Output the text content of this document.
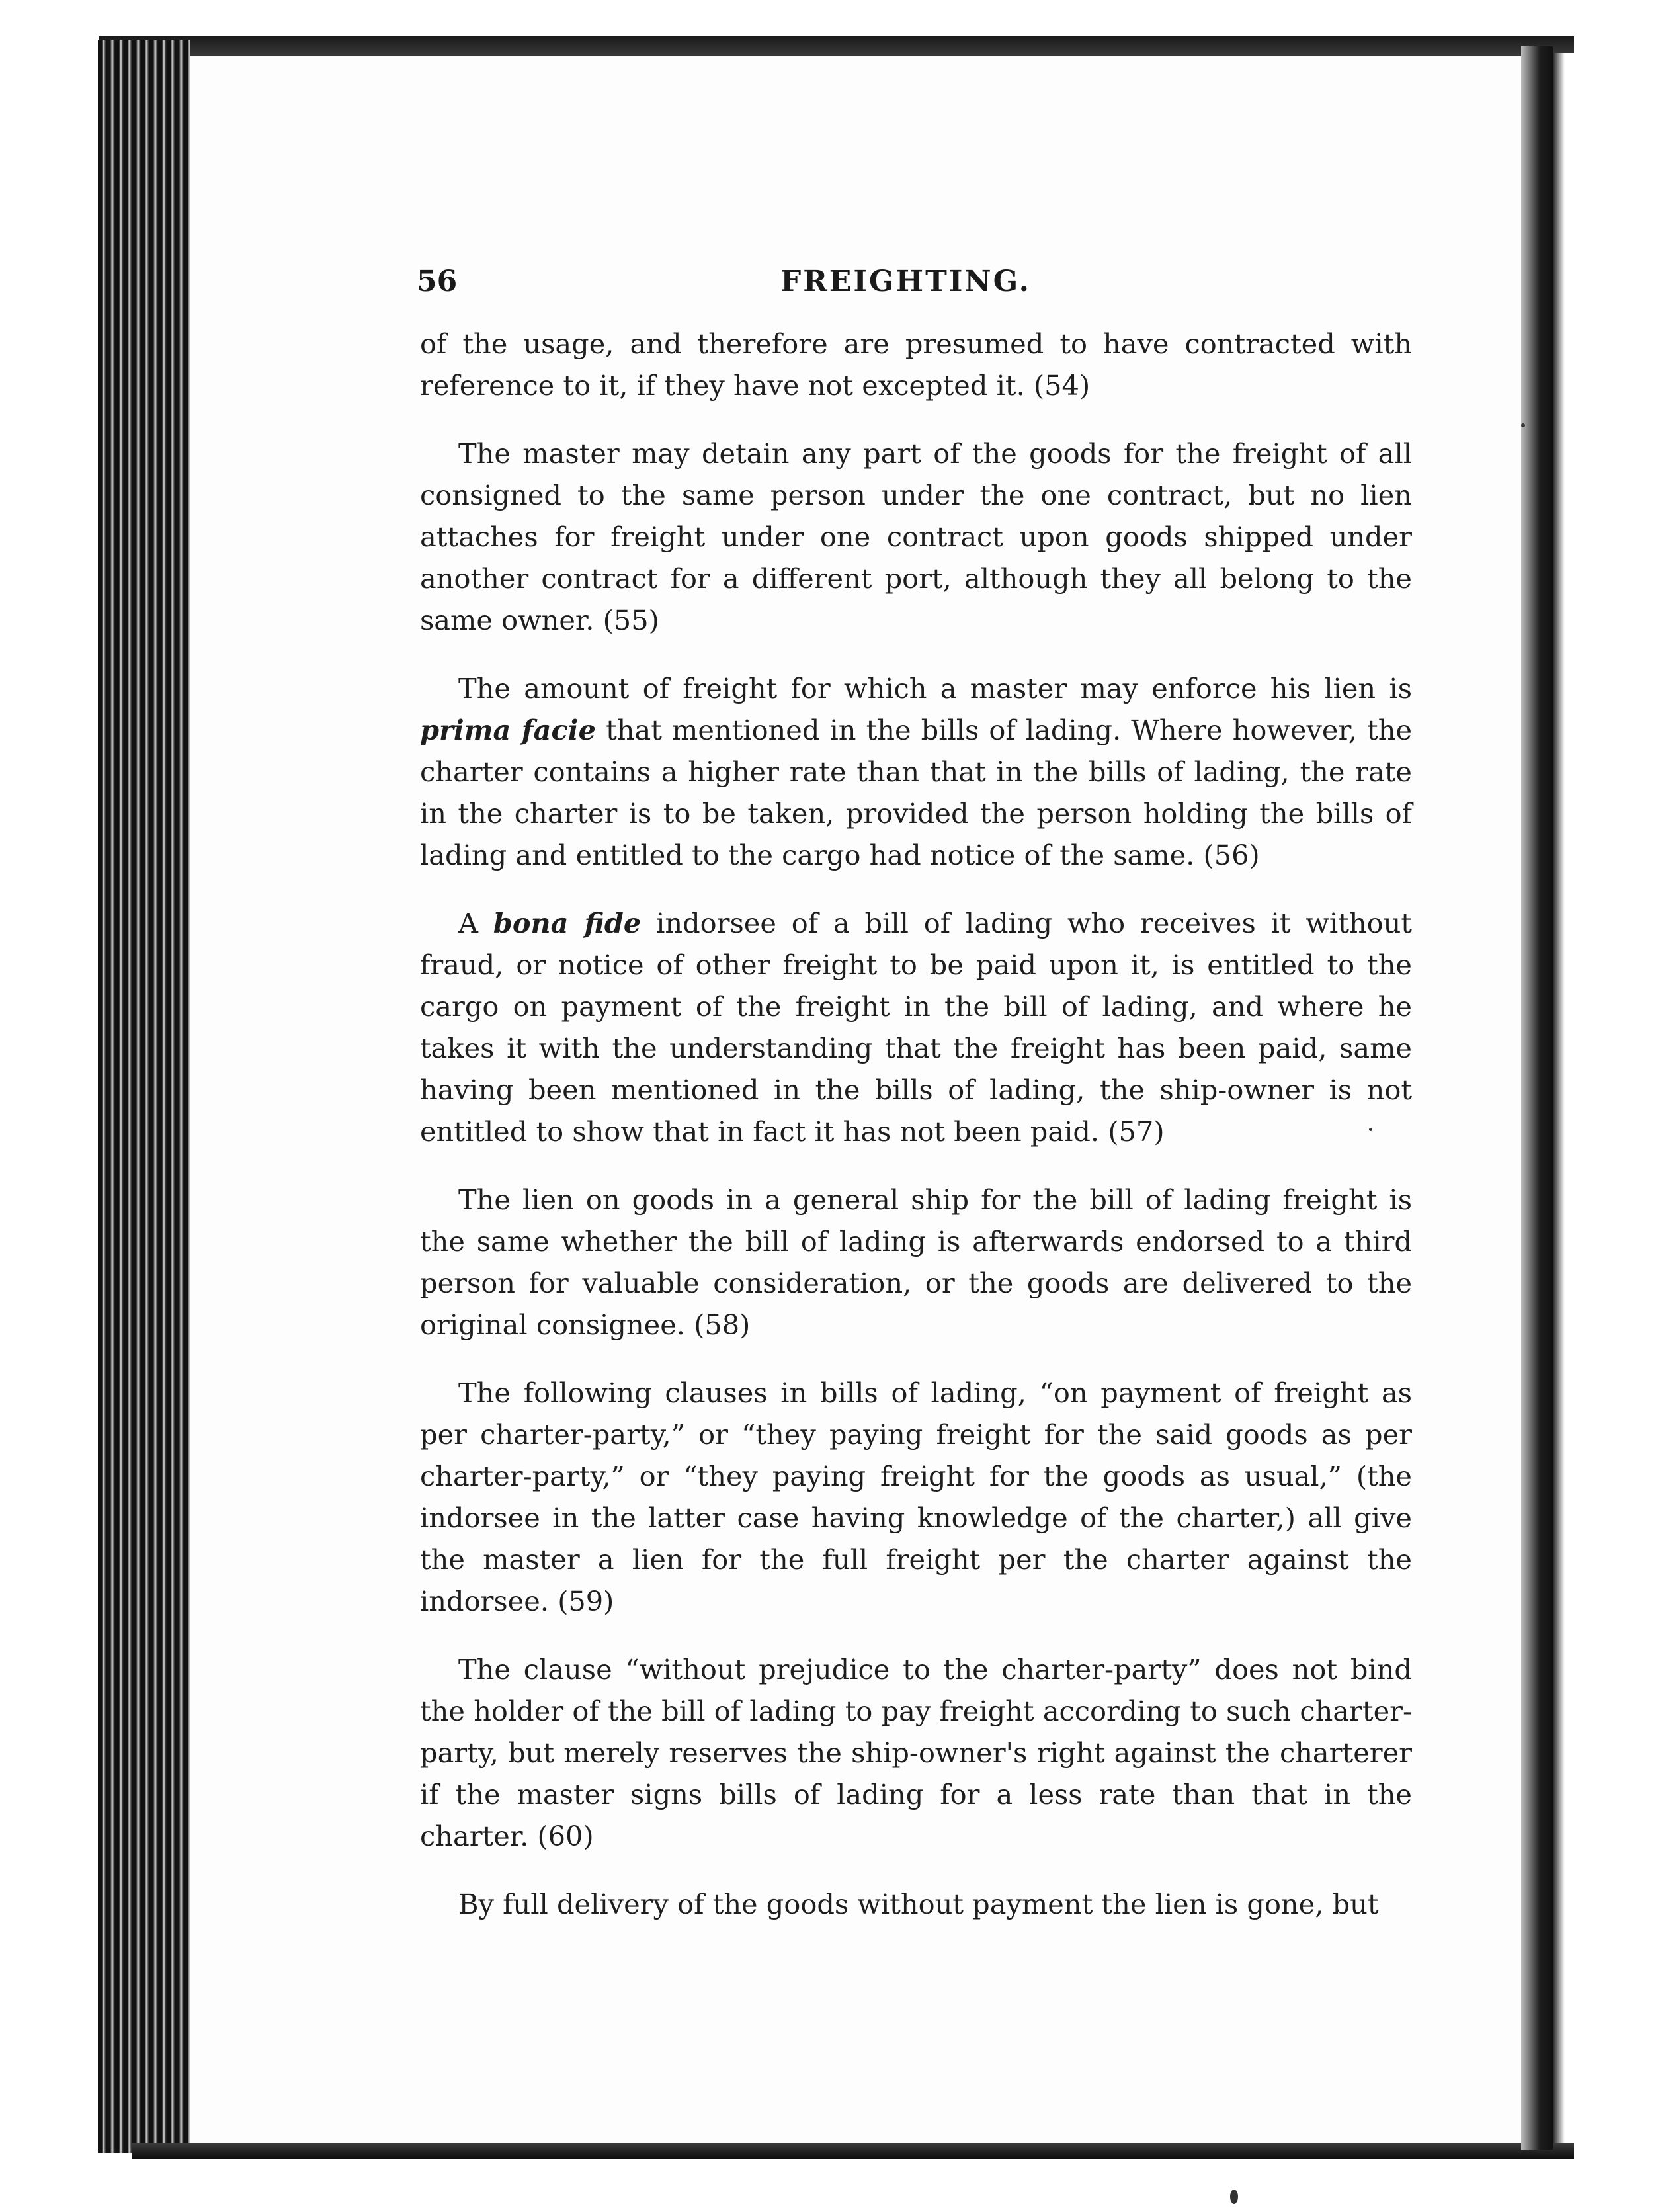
56	FREIGHTING.

of the usage, and therefore are presumed to have contracted with reference to it, if they have not excepted it. (54)

The master may detain any part of the goods for the freight of all consigned to the same person under the one contract, but no lien attaches for freight under one contract upon goods shipped under another contract for a different port, although they all belong to the same owner. (55)

The amount of freight for which a master may enforce his lien is prima facie that mentioned in the bills of lading. Where however, the charter contains a higher rate than that in the bills of lading, the rate in the charter is to be taken, provided the person holding the bills of lading and entitled to the cargo had notice of the same. (56)

A bona fide indorsee of a bill of lading who receives it without fraud, or notice of other freight to be paid upon it, is entitled to the cargo on payment of the freight in the bill of lading, and where he takes it with the understanding that the freight has been paid, same having been mentioned in the bills of lading, the ship-owner is not entitled to show that in fact it has not been paid. (57)

The lien on goods in a general ship for the bill of lading freight is the same whether the bill of lading is afterwards endorsed to a third person for valuable consideration, or the goods are delivered to the original consignee. (58)

The following clauses in bills of lading, “on payment of freight as per charter-party,” or “they paying freight for the said goods as per charter-party,” or “they paying freight for the goods as usual,” (the indorsee in the latter case having knowledge of the charter,) all give the master a lien for the full freight per the charter against the indorsee. (59)

The clause “without prejudice to the charter-party” does not bind the holder of the bill of lading to pay freight according to such charter-party, but merely reserves the ship-owner's right against the charterer if the master signs bills of lading for a less rate than that in the charter. (60)

By full delivery of the goods without payment the lien is gone, but
